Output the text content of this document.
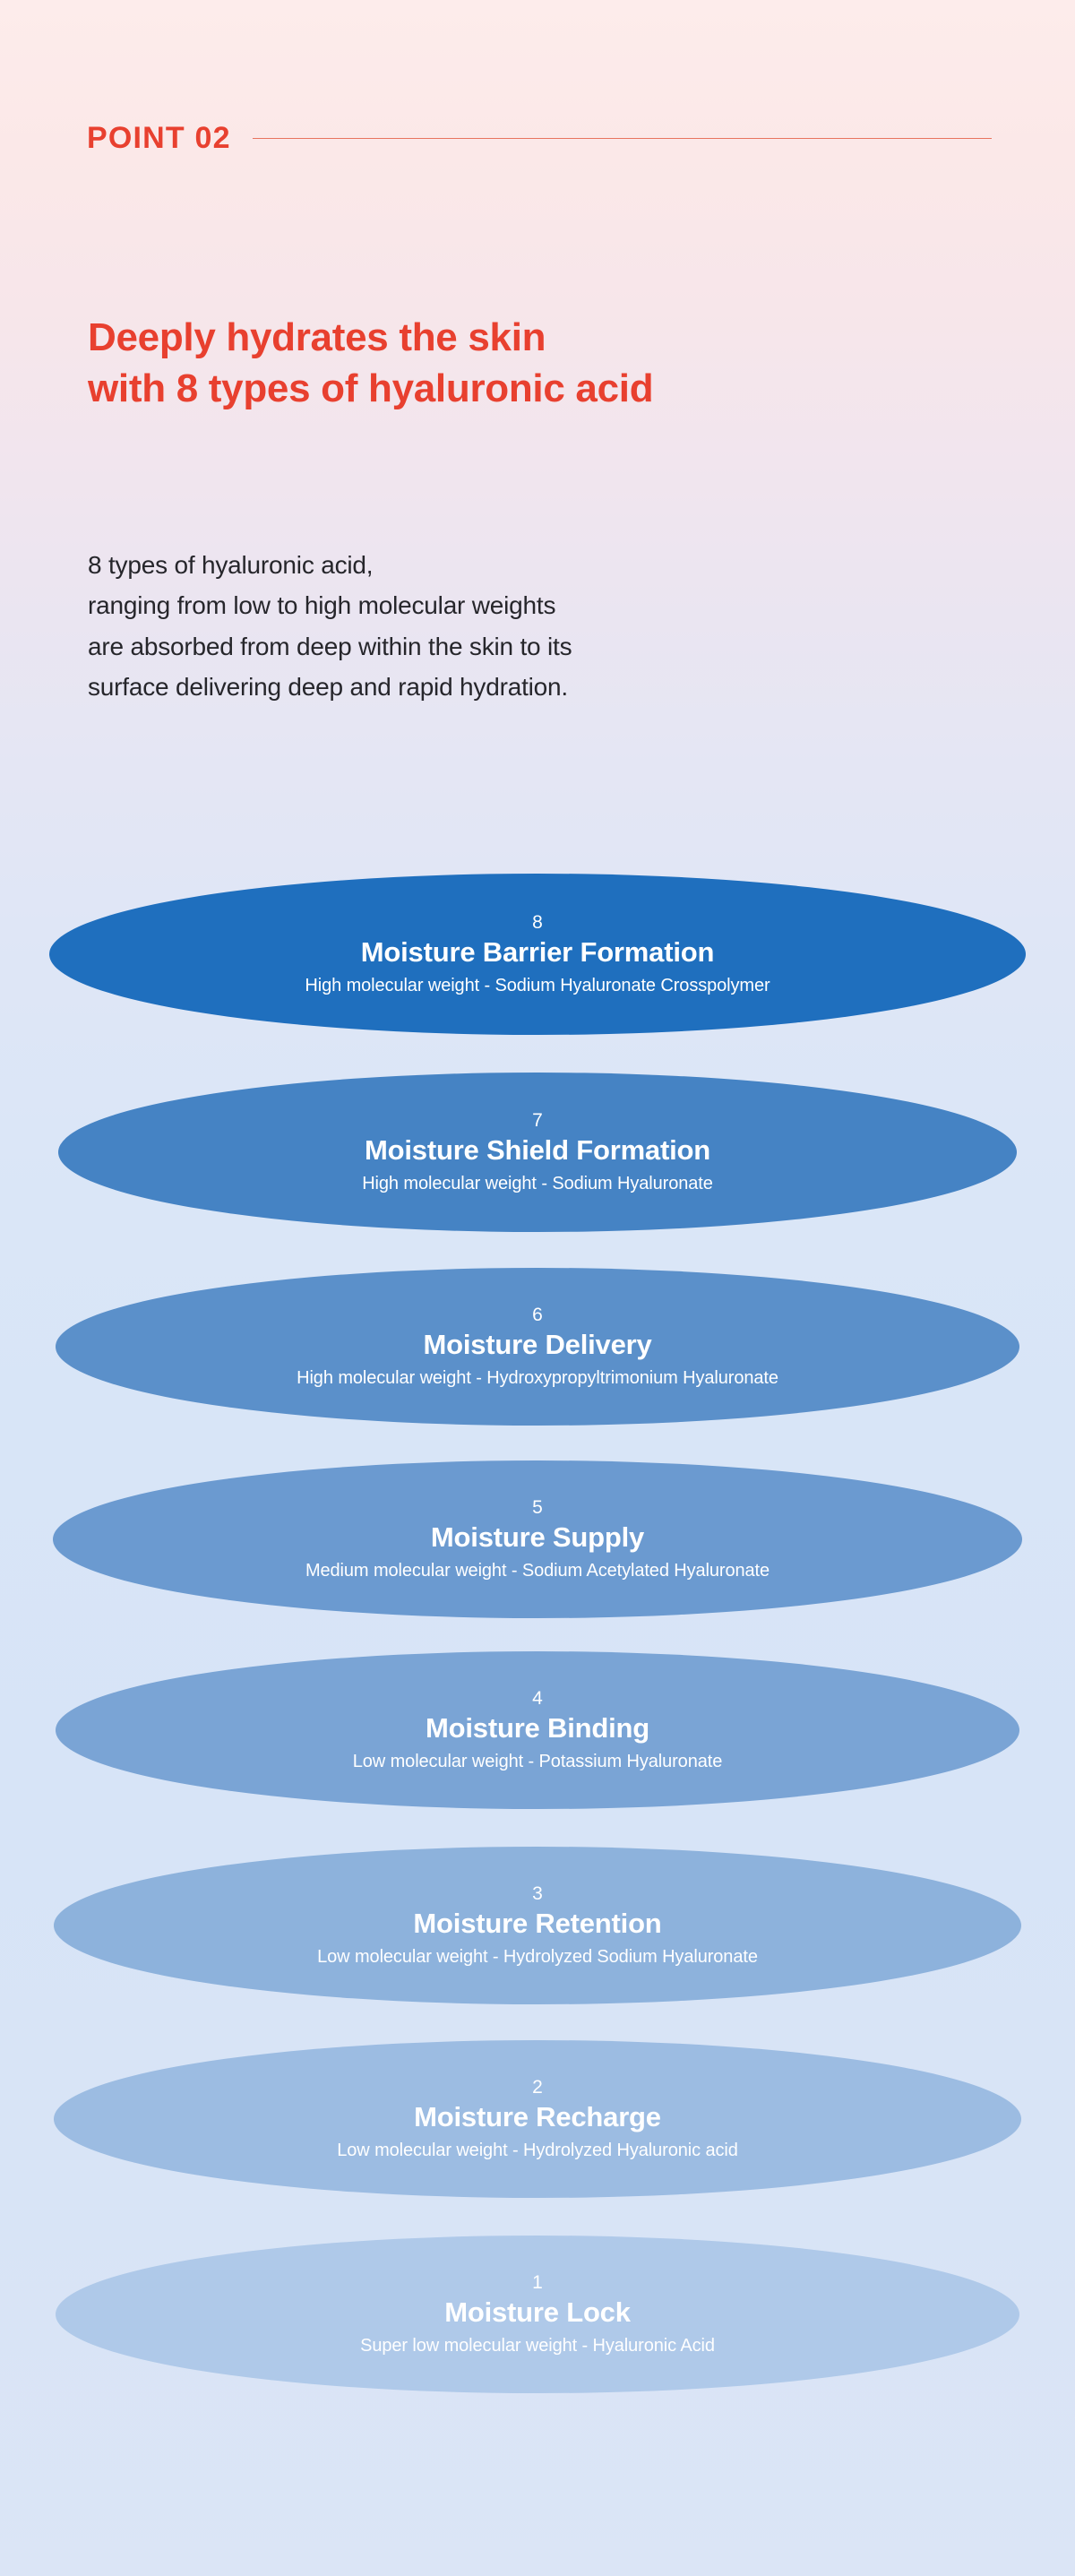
POINT 02
Deeply hydrates the skin
with 8 types of hyaluronic acid

8 types of hyaluronic acid,
ranging from low to high molecular weights
are absorbed from deep within the skin to its
surface delivering deep and rapid hydration.

1
Moisture Lock
Super low molecular weight - Hyaluronic Acid
2
Moisture Recharge
Low molecular weight - Hydrolyzed Hyaluronic acid
3
Moisture Retention
Low molecular weight - Hydrolyzed Sodium Hyaluronate
4
Moisture Binding
Low molecular weight - Potassium Hyaluronate
5
Moisture Supply
Medium molecular weight - Sodium Acetylated Hyaluronate
6
Moisture Delivery
High molecular weight - Hydroxypropyltrimonium Hyaluronate
7
Moisture Shield Formation
High molecular weight - Sodium Hyaluronate
8
Moisture Barrier Formation
High molecular weight - Sodium Hyaluronate Crosspolymer
